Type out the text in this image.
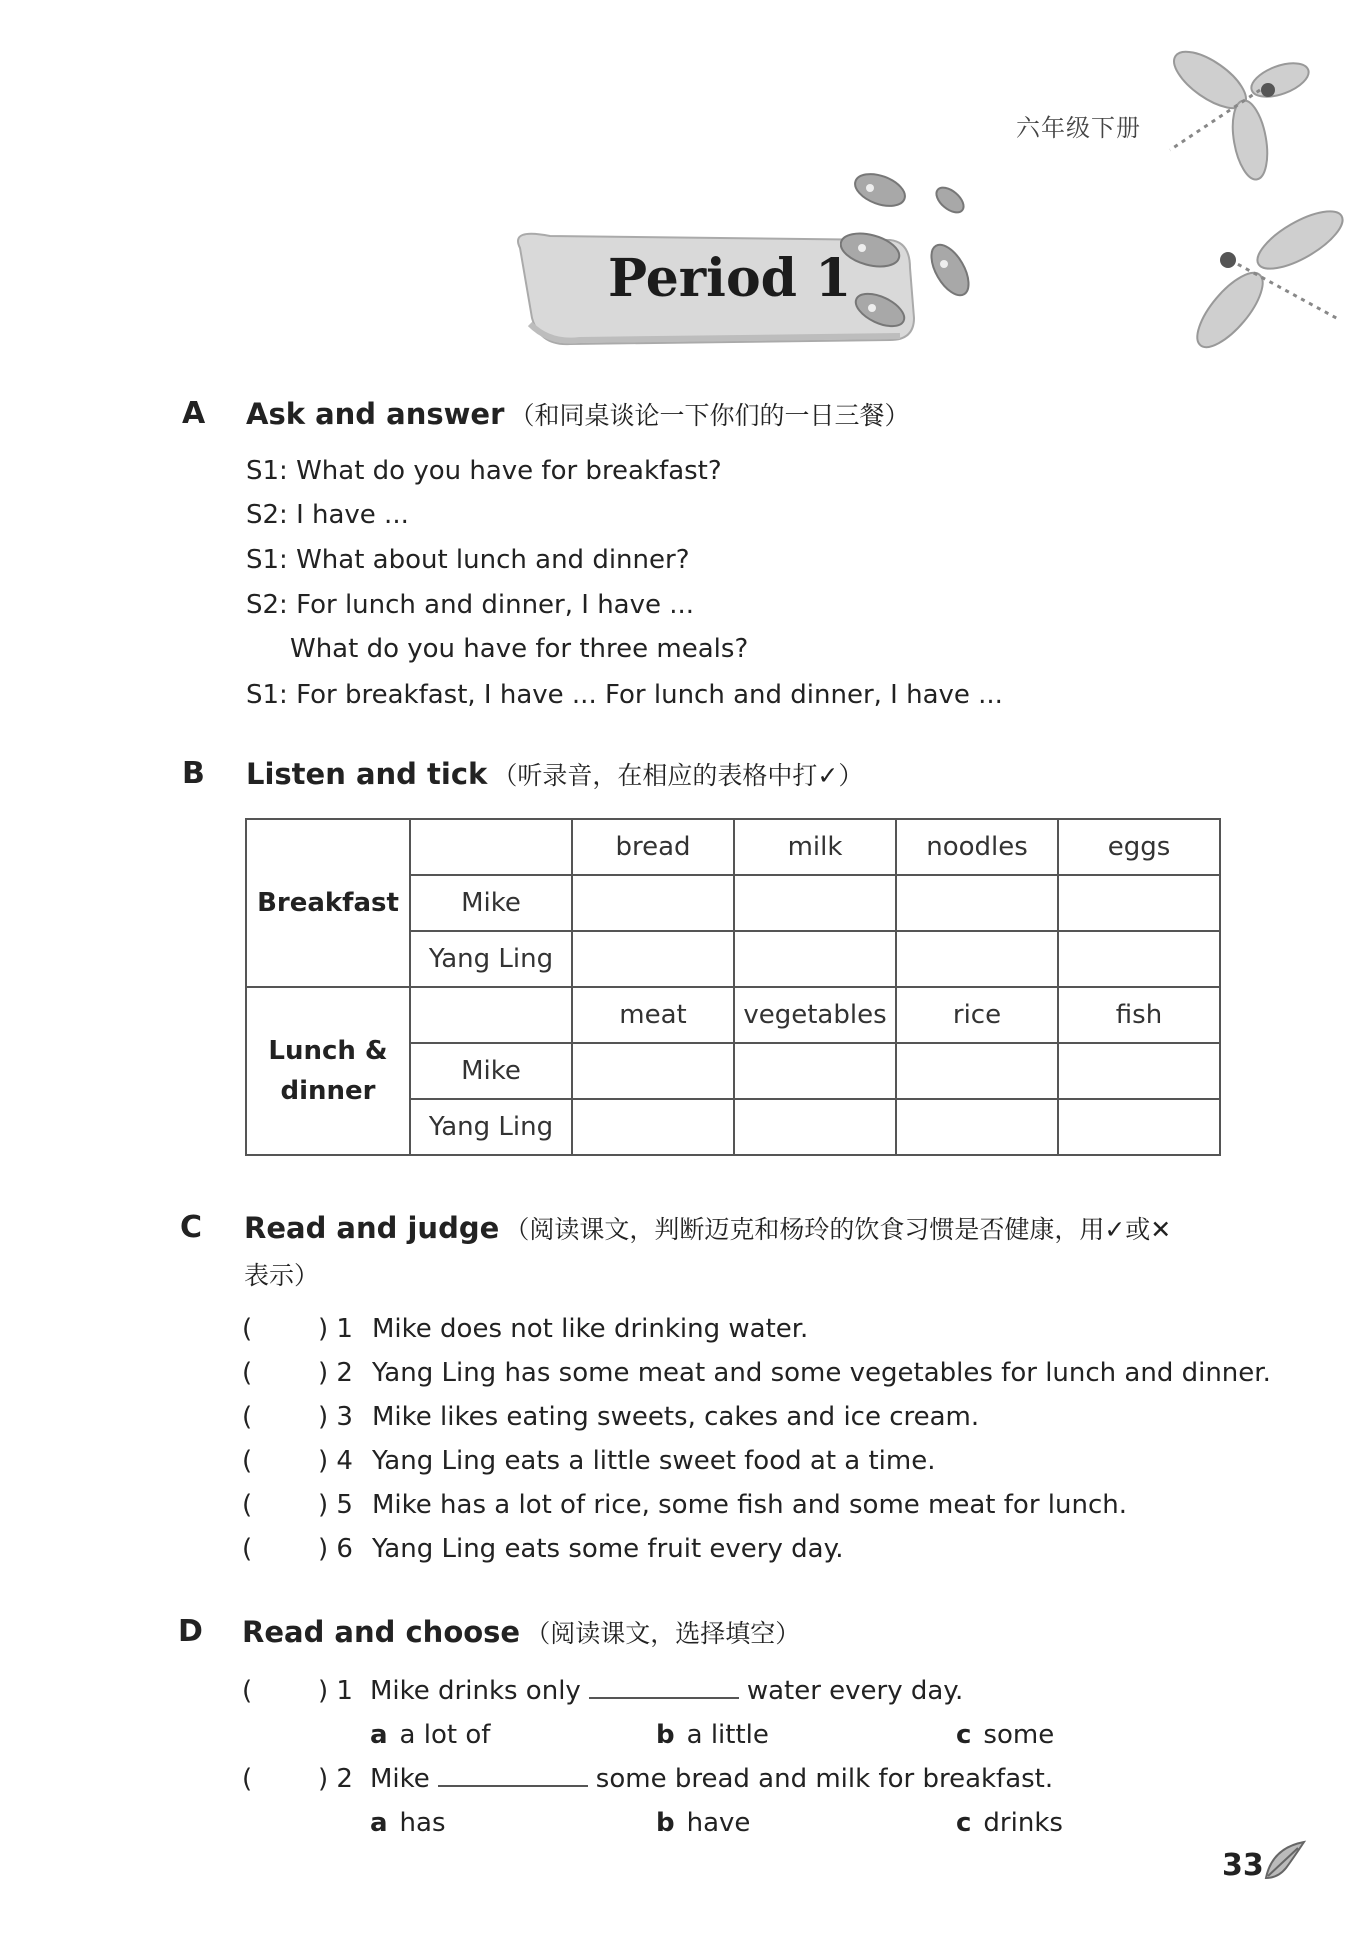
六年级下册
Period 1
A Ask and answer （和同桌谈论一下你们的一日三餐）
S1: What do you have for breakfast?
S2: I have ...
S1: What about lunch and dinner?
S2: For lunch and dinner, I have ...
What do you have for three meals?
S1: For breakfast, I have ... For lunch and dinner, I have ...
B Listen and tick （听录音，在相应的表格中打✓）
Breakfast		bread	milk	noodles	eggs
	Mike				
	Yang Ling				
Lunch &
dinner		meat	vegetables	rice	fish
	Mike				
	Yang Ling				
C Read and judge （阅读课文，判断迈克和杨玲的饮食习惯是否健康，用✓或✕
表示）
(	) 1 Mike does not like drinking water.
(	) 2 Yang Ling has some meat and some vegetables for lunch and dinner.
(	) 3 Mike likes eating sweets, cakes and ice cream.
(	) 4 Yang Ling eats a little sweet food at a time.
(	) 5 Mike has a lot of rice, some fish and some meat for lunch.
(	) 6 Yang Ling eats some fruit every day.
D Read and choose （阅读课文，选择填空）
(	) 1 Mike drinks only	water every day.
a a lot of	b a little	c some
(	) 2 Mike	some bread and milk for breakfast.
a has	b have	c drinks
33
